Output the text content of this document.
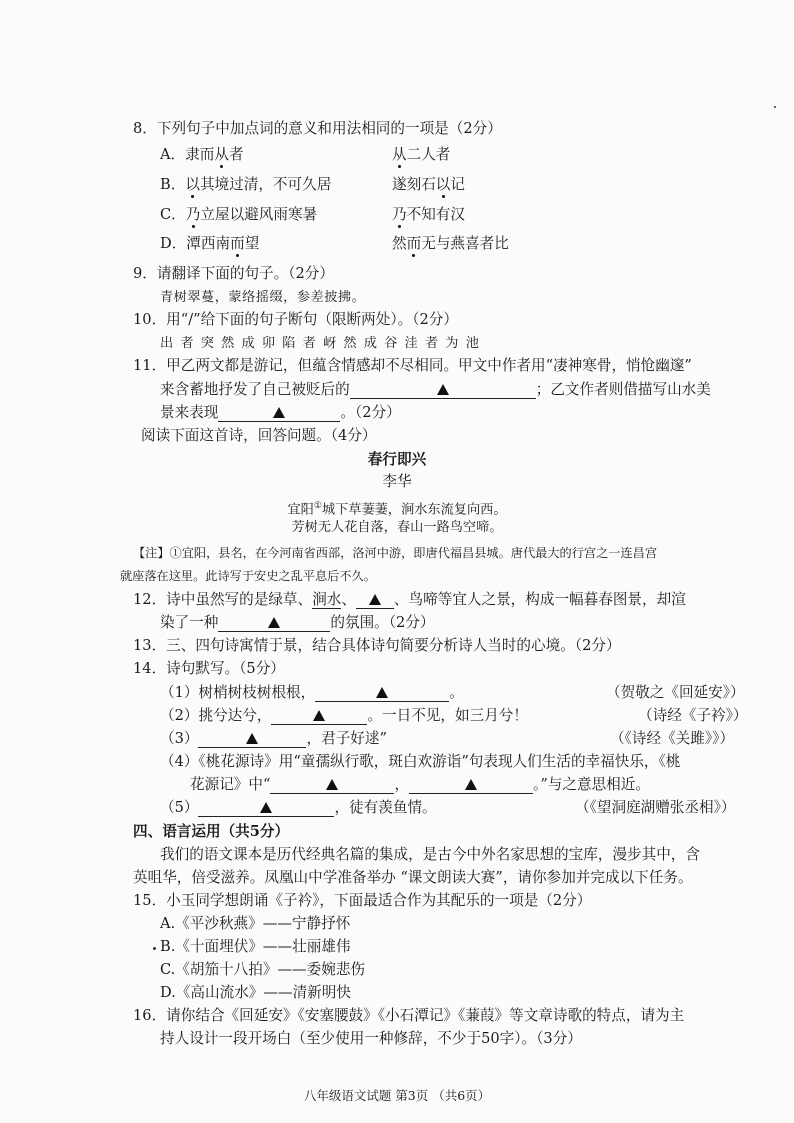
8．下列句子中加点词的意义和用法相同的一项是（2分）
A．隶而从者	从二人者
B．以其境过清，不可久居	遂刻石以记
C．乃立屋以避风雨寒暑	乃不知有汉
D．潭西南而望	然而无与燕喜者比
9．请翻译下面的句子。（2分）
青树翠蔓，蒙络摇缀，参差披拂。
10．用“/”给下面的句子断句（限断两处）。（2分）
出 者 突 然 成 卯 陷 者 岈 然 成 谷 洼 者 为 池
11．甲乙两文都是游记，但蕴含情感却不尽相同。甲文中作者用“凄神寒骨，悄怆幽邃”
来含蓄地抒发了自己被贬后的	；乙文作者则借描写山水美
景来表现	。（2分）
阅读下面这首诗，回答问题。（4分）
春行即兴
李华
宜阳①城下草萋萋，涧水东流复向西。
芳树无人花自落，春山一路鸟空啼。
【注】①宜阳，县名，在今河南省西部，洛河中游，即唐代福昌县城。唐代最大的行宫之一连昌宫
就座落在这里。此诗写于安史之乱平息后不久。
12．诗中虽然写的是绿草、涧水、	、鸟啼等宜人之景，构成一幅暮春图景，却渲
染了一种	的氛围。（2分）
13．三、四句诗寓情于景，结合具体诗句简要分析诗人当时的心境。（2分）
14．诗句默写。（5分）
（1）树梢树枝树根根，	。	（贺敬之《回延安》）
（2）挑兮达兮，	。一日不见，如三月兮！	（诗经《子衿》）
（3）	，君子好逑”	（《诗经《关雎》》）
（4）《桃花源诗》用“童孺纵行歌，斑白欢游诣”句表现人们生活的幸福快乐，《桃
花源记》中“	，	。”与之意思相近。
（5）	，徒有羡鱼情。	（《望洞庭湖赠张丞相》）
四、语言运用（共5分）
我们的语文课本是历代经典名篇的集成，是古今中外名家思想的宝库，漫步其中，含
英咀华，倍受滋养。凤凰山中学准备举办 “课文朗读大赛”，请你参加并完成以下任务。
15．小玉同学想朗诵《子衿》，下面最适合作为其配乐的一项是（2分）
A.《平沙秋燕》——宁静抒怀
B.《十面埋伏》——壮丽雄伟
C.《胡笳十八拍》——委婉悲伤
D.《高山流水》——清新明快
16．请你结合《回延安》《安塞腰鼓》《小石潭记》《蒹葭》等文章诗歌的特点，请为主
持人设计一段开场白（至少使用一种修辞，不少于50字）。（3分）
八年级语文试题 第3页 （共6页）
